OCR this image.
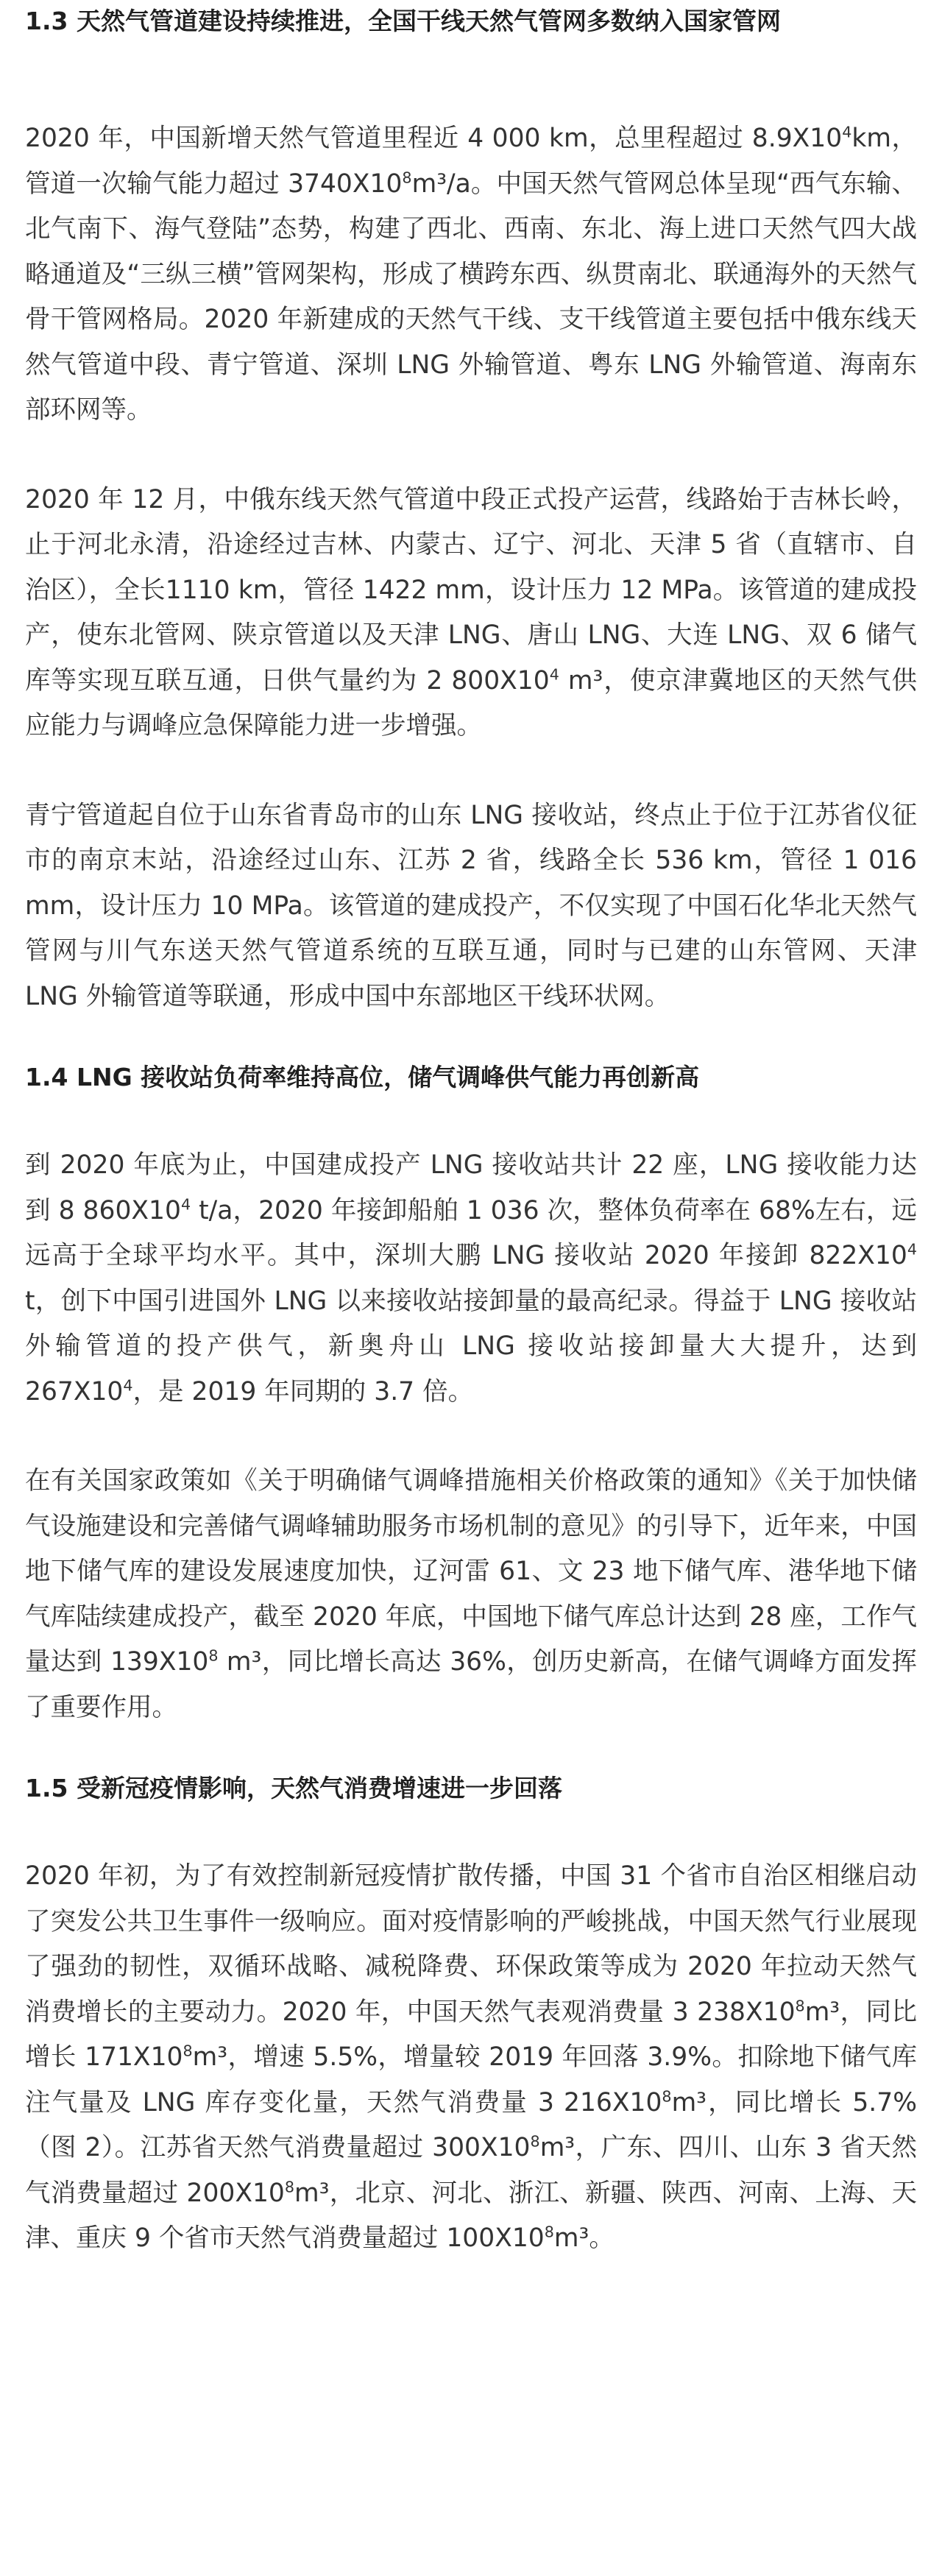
1.3 天然气管道建设持续推进，全国干线天然气管网多数纳入国家管网

2020 年，中国新增天然气管道里程近 4 000 km，总里程超过 $8.9X10^4km$，管道一次输气能力超过 $3740X10^8m^3/a$。中国天然气管网总体呈现“西气东输、北气南下、海气登陆”态势，构建了西北、西南、东北、海上进口天然气四大战略通道及“三纵三横”管网架构，形成了横跨东西、纵贯南北、联通海外的天然气骨干管网格局。2020 年新建成的天然气干线、支干线管道主要包括中俄东线天然气管道中段、青宁管道、深圳 LNG 外输管道、粤东 LNG 外输管道、海南东部环网等。

2020 年 12 月，中俄东线天然气管道中段正式投产运营，线路始于吉林长岭，止于河北永清，沿途经过吉林、内蒙古、辽宁、河北、天津 5 省（直辖市、自治区），全长1110 km，管径 1422 mm，设计压力 12 MPa。该管道的建成投产，使东北管网、陕京管道以及天津 LNG、唐山 LNG、大连 LNG、双 6 储气库等实现互联互通，日供气量约为 2 $800X10^4$ m³，使京津冀地区的天然气供应能力与调峰应急保障能力进一步增强。

青宁管道起自位于山东省青岛市的山东 LNG 接收站，终点止于位于江苏省仪征市的南京末站，沿途经过山东、江苏 2 省，线路全长 536 km，管径 1 016 mm，设计压力 10 MPa。该管道的建成投产，不仅实现了中国石化华北天然气管网与川气东送天然气管道系统的互联互通，同时与已建的山东管网、天津 LNG 外输管道等联通，形成中国中东部地区干线环状网。

1.4 LNG 接收站负荷率维持高位，储气调峰供气能力再创新高

到 2020 年底为止，中国建成投产 LNG 接收站共计 22 座，LNG 接收能力达到 8 $860X10^4$ t/a，2020 年接卸船舶 1 036 次，整体负荷率在 68%左右，远远高于全球平均水平。其中，深圳大鹏 LNG 接收站 2020 年接卸 $822X10^4$ t，创下中国引进国外 LNG 以来接收站接卸量的最高纪录。得益于 LNG 接收站外输管道的投产供气，新奥舟山 LNG 接收站接卸量大大提升，达到 $267X10^4$，是 2019 年同期的 3.7 倍。

在有关国家政策如《关于明确储气调峰措施相关价格政策的通知》《关于加快储气设施建设和完善储气调峰辅助服务市场机制的意见》的引导下，近年来，中国地下储气库的建设发展速度加快，辽河雷 61、文 23 地下储气库、港华地下储气库陆续建成投产，截至 2020 年底，中国地下储气库总计达到 28 座，工作气量达到 $139X10^8$ m³，同比增长高达 36%，创历史新高，在储气调峰方面发挥了重要作用。

1.5 受新冠疫情影响，天然气消费增速进一步回落

2020 年初，为了有效控制新冠疫情扩散传播，中国 31 个省市自治区相继启动了突发公共卫生事件一级响应。面对疫情影响的严峻挑战，中国天然气行业展现了强劲的韧性，双循环战略、减税降费、环保政策等成为 2020 年拉动天然气消费增长的主要动力。2020 年，中国天然气表观消费量 3 $238X10^8m^3$，同比增长 $171X10^8m^3$，增速 5.5%，增量较 2019 年回落 3.9%。扣除地下储气库注气量及 LNG 库存变化量，天然气消费量 3 $216X10^8m^3$，同比增长 5.7%（图 2）。江苏省天然气消费量超过 $300X10^8m^3$，广东、四川、山东 3 省天然气消费量超过 $200X10^8m^3$，北京、河北、浙江、新疆、陕西、河南、上海、天津、重庆 9 个省市天然气消费量超过 $100X10^8m^3$。
